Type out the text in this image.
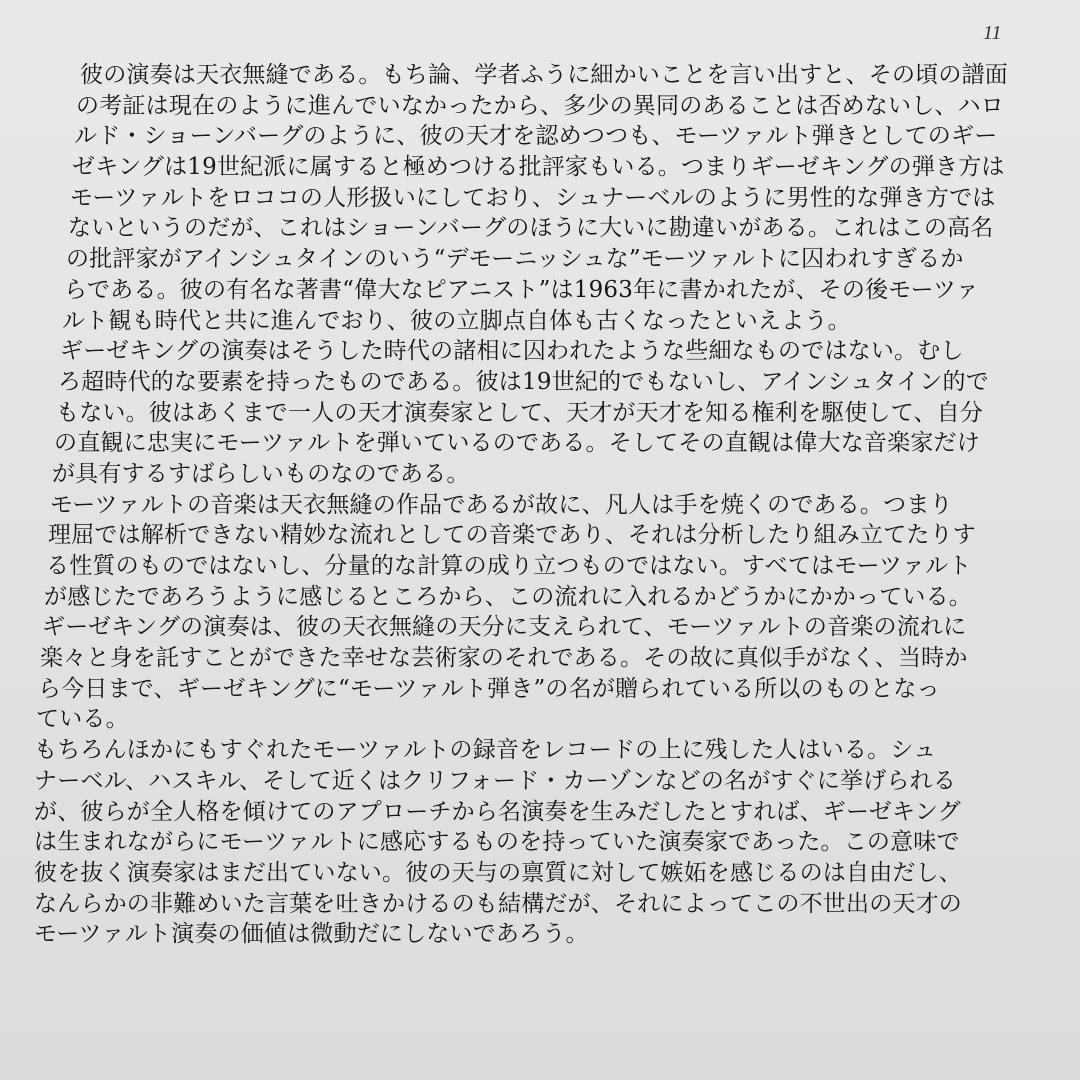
11
彼の演奏は天衣無縫である。もち論、学者ふうに細かいことを言い出すと、その頃の譜面
の考証は現在のように進んでいなかったから、多少の異同のあることは否めないし、ハロ
ルド・ショーンバーグのように、彼の天才を認めつつも、モーツァルト弾きとしてのギー
ゼキングは19世紀派に属すると極めつける批評家もいる。つまりギーゼキングの弾き方は
モーツァルトをロココの人形扱いにしており、シュナーベルのように男性的な弾き方では
ないというのだが、これはショーンバーグのほうに大いに勘違いがある。これはこの高名
の批評家がアインシュタインのいう“デモーニッシュな”モーツァルトに囚われすぎるか
らである。彼の有名な著書“偉大なピアニスト”は1963年に書かれたが、その後モーツァ
ルト観も時代と共に進んでおり、彼の立脚点自体も古くなったといえよう。
ギーゼキングの演奏はそうした時代の諸相に囚われたような些細なものではない。むし
ろ超時代的な要素を持ったものである。彼は19世紀的でもないし、アインシュタイン的で
もない。彼はあくまで一人の天才演奏家として、天才が天才を知る権利を駆使して、自分
の直観に忠実にモーツァルトを弾いているのである。そしてその直観は偉大な音楽家だけ
が具有するすばらしいものなのである。
モーツァルトの音楽は天衣無縫の作品であるが故に、凡人は手を焼くのである。つまり
理屈では解析できない精妙な流れとしての音楽であり、それは分析したり組み立てたりす
る性質のものではないし、分量的な計算の成り立つものではない。すべてはモーツァルト
が感じたであろうように感じるところから、この流れに入れるかどうかにかかっている。
ギーゼキングの演奏は、彼の天衣無縫の天分に支えられて、モーツァルトの音楽の流れに
楽々と身を託すことができた幸せな芸術家のそれである。その故に真似手がなく、当時か
ら今日まで、ギーゼキングに“モーツァルト弾き”の名が贈られている所以のものとなっ
ている。
もちろんほかにもすぐれたモーツァルトの録音をレコードの上に残した人はいる。シュ
ナーベル、ハスキル、そして近くはクリフォード・カーゾンなどの名がすぐに挙げられる
が、彼らが全人格を傾けてのアプローチから名演奏を生みだしたとすれば、ギーゼキング
は生まれながらにモーツァルトに感応するものを持っていた演奏家であった。この意味で
彼を抜く演奏家はまだ出ていない。彼の天与の禀質に対して嫉妬を感じるのは自由だし、
なんらかの非難めいた言葉を吐きかけるのも結構だが、それによってこの不世出の天才の
モーツァルト演奏の価値は微動だにしないであろう。
